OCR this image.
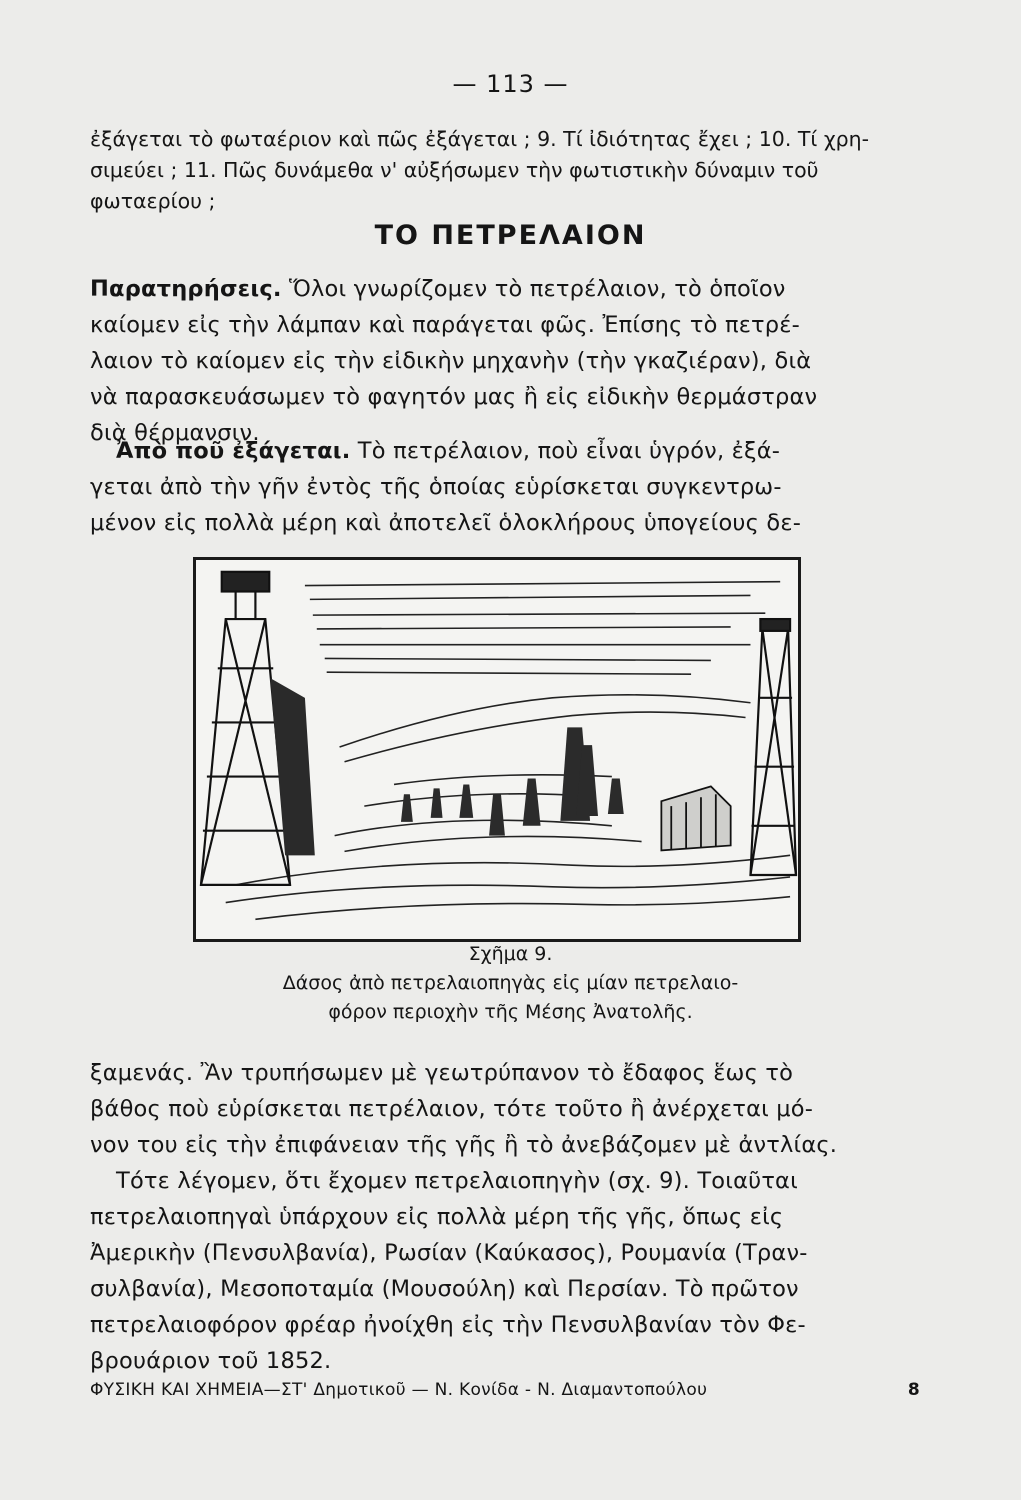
— 113 —
ἐξάγεται τὸ φωταέριον καὶ πῶς ἐξάγεται ; 9. Τί ἰδιότητας ἔχει ; 10. Τί χρη-
σιμεύει ; 11. Πῶς δυνάμεθα ν' αὐξήσωμεν τὴν φωτιστικὴν δύναμιν τοῦ
φωταερίου ;
ΤΟ ΠΕΤΡΕΛΑΙΟΝ
Παρατηρήσεις. Ὅλοι γνωρίζομεν τὸ πετρέλαιον, τὸ ὁποῖον
καίομεν εἰς τὴν λάμπαν καὶ παράγεται φῶς. Ἐπίσης τὸ πετρέ-
λαιον τὸ καίομεν εἰς τὴν εἰδικὴν μηχανὴν (τὴν γκαζιέραν), διὰ
νὰ παρασκευάσωμεν τὸ φαγητόν μας ἢ εἰς εἰδικὴν θερμάστραν
διὰ θέρμανσιν.
Ἀπὸ ποῦ ἐξάγεται. Τὸ πετρέλαιον, ποὺ εἶναι ὑγρόν, ἐξά-
γεται ἀπὸ τὴν γῆν ἐντὸς τῆς ὁποίας εὑρίσκεται συγκεντρω-
μένον εἰς πολλὰ μέρη καὶ ἀποτελεῖ ὁλοκλήρους ὑπογείους δε-
Σχῆμα 9.
Δάσος ἀπὸ πετρελαιοπηγὰς εἰς μίαν πετρελαιο-
φόρον περιοχὴν τῆς Μέσης Ἀνατολῆς.
ξαμενάς. Ἂν τρυπήσωμεν μὲ γεωτρύπανον τὸ ἔδαφος ἕως τὸ
βάθος ποὺ εὑρίσκεται πετρέλαιον, τότε τοῦτο ἢ ἀνέρχεται μό-
νον του εἰς τὴν ἐπιφάνειαν τῆς γῆς ἢ τὸ ἀνεβάζομεν μὲ ἀντλίας.
Τότε λέγομεν, ὅτι ἔχομεν πετρελαιοπηγὴν (σχ. 9). Τοιαῦται
πετρελαιοπηγαὶ ὑπάρχουν εἰς πολλὰ μέρη τῆς γῆς, ὅπως εἰς
Ἀμερικὴν (Πενσυλβανία), Ρωσίαν (Καύκασος), Ρουμανία (Τραν-
συλβανία), Μεσοποταμία (Μουσούλη) καὶ Περσίαν. Τὸ πρῶτον
πετρελαιοφόρον φρέαρ ἠνοίχθη εἰς τὴν Πενσυλβανίαν τὸν Φε-
βρουάριον τοῦ 1852.
ΦΥΣΙΚΗ ΚΑΙ ΧΗΜΕΙΑ—ΣΤ' Δημοτικοῦ — Ν. Κονίδα - Ν. Διαμαντοπούλου	8
